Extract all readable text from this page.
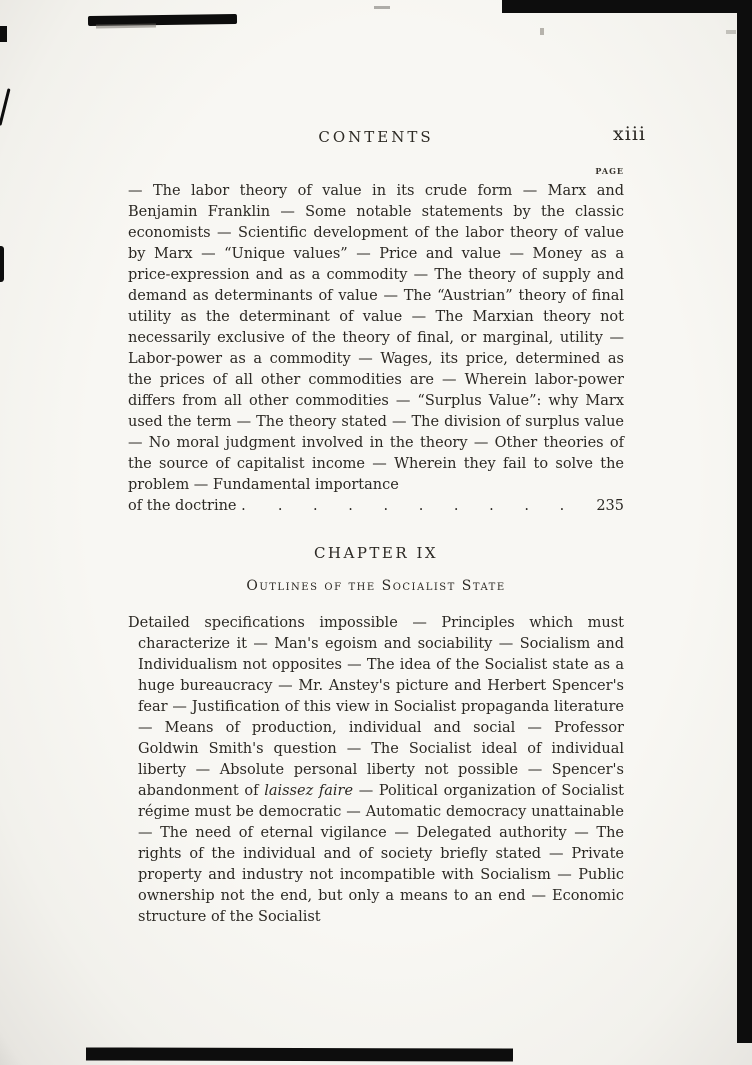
CONTENTS	xiii
PAGE
— The labor theory of value in its crude form — Marx and Benjamin Franklin — Some notable statements by the classic economists — Scientific development of the labor theory of value by Marx — “Unique values” — Price and value — Money as a price-expression and as a commodity — The theory of supply and demand as determinants of value — The “Austrian” theory of final utility as the determinant of value — The Marxian theory not necessarily exclusive of the theory of final, or marginal, utility — Labor-power as a commodity — Wages, its price, determined as the prices of all other commodities are — Wherein labor-power differs from all other commodities — “Surplus Value”: why Marx used the term — The theory stated — The division of surplus value — No moral judgment involved in the theory — Other theories of the source of capitalist income — Wherein they fail to solve the problem — Fundamental importance
of the doctrine .	. . . . . . . . .	235
CHAPTER IX
Outlines of the Socialist State
Detailed specifications impossible — Principles which must characterize it — Man's egoism and sociability — Socialism and Individualism not opposites — The idea of the Socialist state as a huge bureaucracy — Mr. Anstey's picture and Herbert Spencer's fear — Justification of this view in Socialist propaganda literature — Means of production, individual and social — Professor Goldwin Smith's question — The Socialist ideal of individual liberty — Absolute personal liberty not possible — Spencer's abandonment of laissez faire — Political organization of Socialist régime must be democratic — Automatic democracy unattainable — The need of eternal vigilance — Delegated authority — The rights of the individual and of society briefly stated — Private property and industry not incompatible with Socialism — Public ownership not the end, but only a means to an end — Economic structure of the Socialist
